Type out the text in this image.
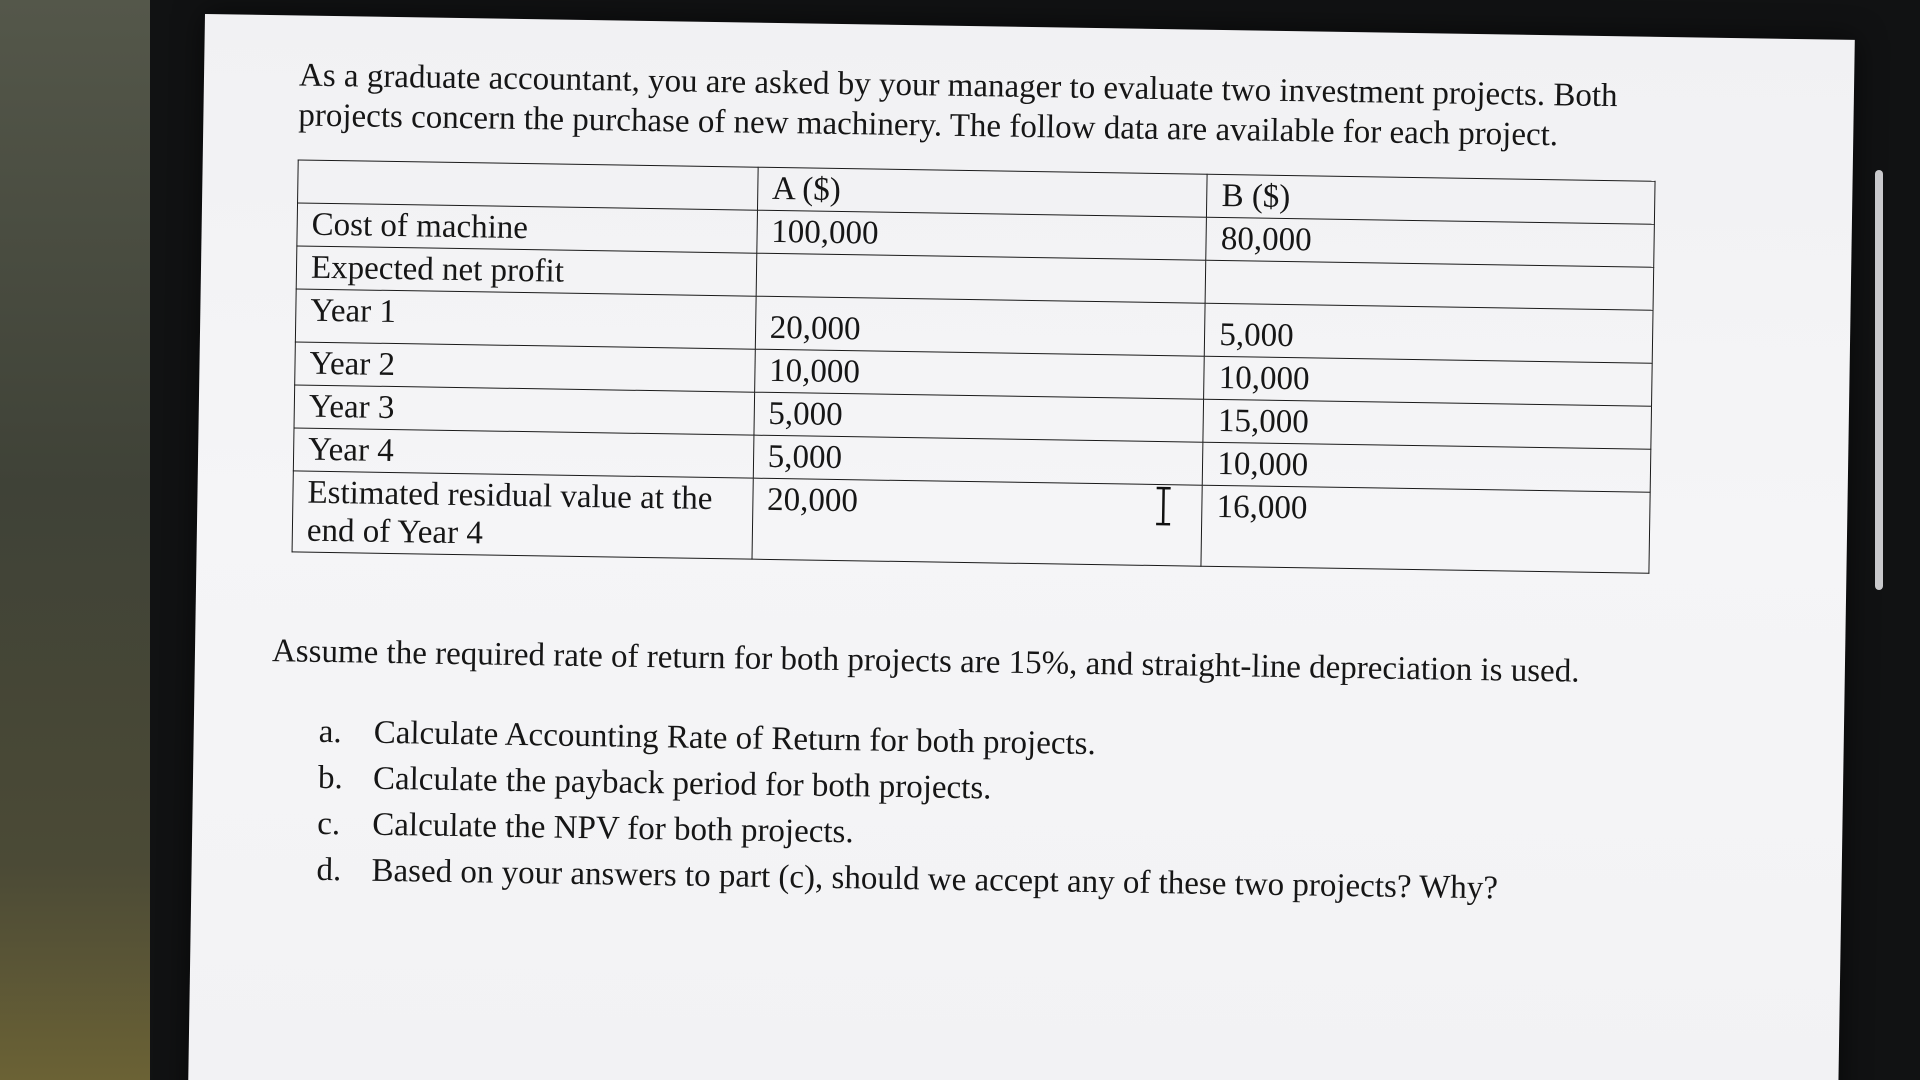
As a graduate accountant, you are asked by your manager to evaluate two investment projects. Both projects concern the purchase of new machinery. The follow data are available for each project.

	A ($)	B ($)
Cost of machine	100,000	80,000
Expected net profit		
Year 1	20,000	5,000
Year 2	10,000	10,000
Year 3	5,000	15,000
Year 4	5,000	10,000
Estimated residual value at the end of Year 4	20,000	16,000

Assume the required rate of return for both projects are 15%, and straight-line depreciation is used.

a. Calculate Accounting Rate of Return for both projects.
b. Calculate the payback period for both projects.
c. Calculate the NPV for both projects.
d. Based on your answers to part (c), should we accept any of these two projects? Why?
